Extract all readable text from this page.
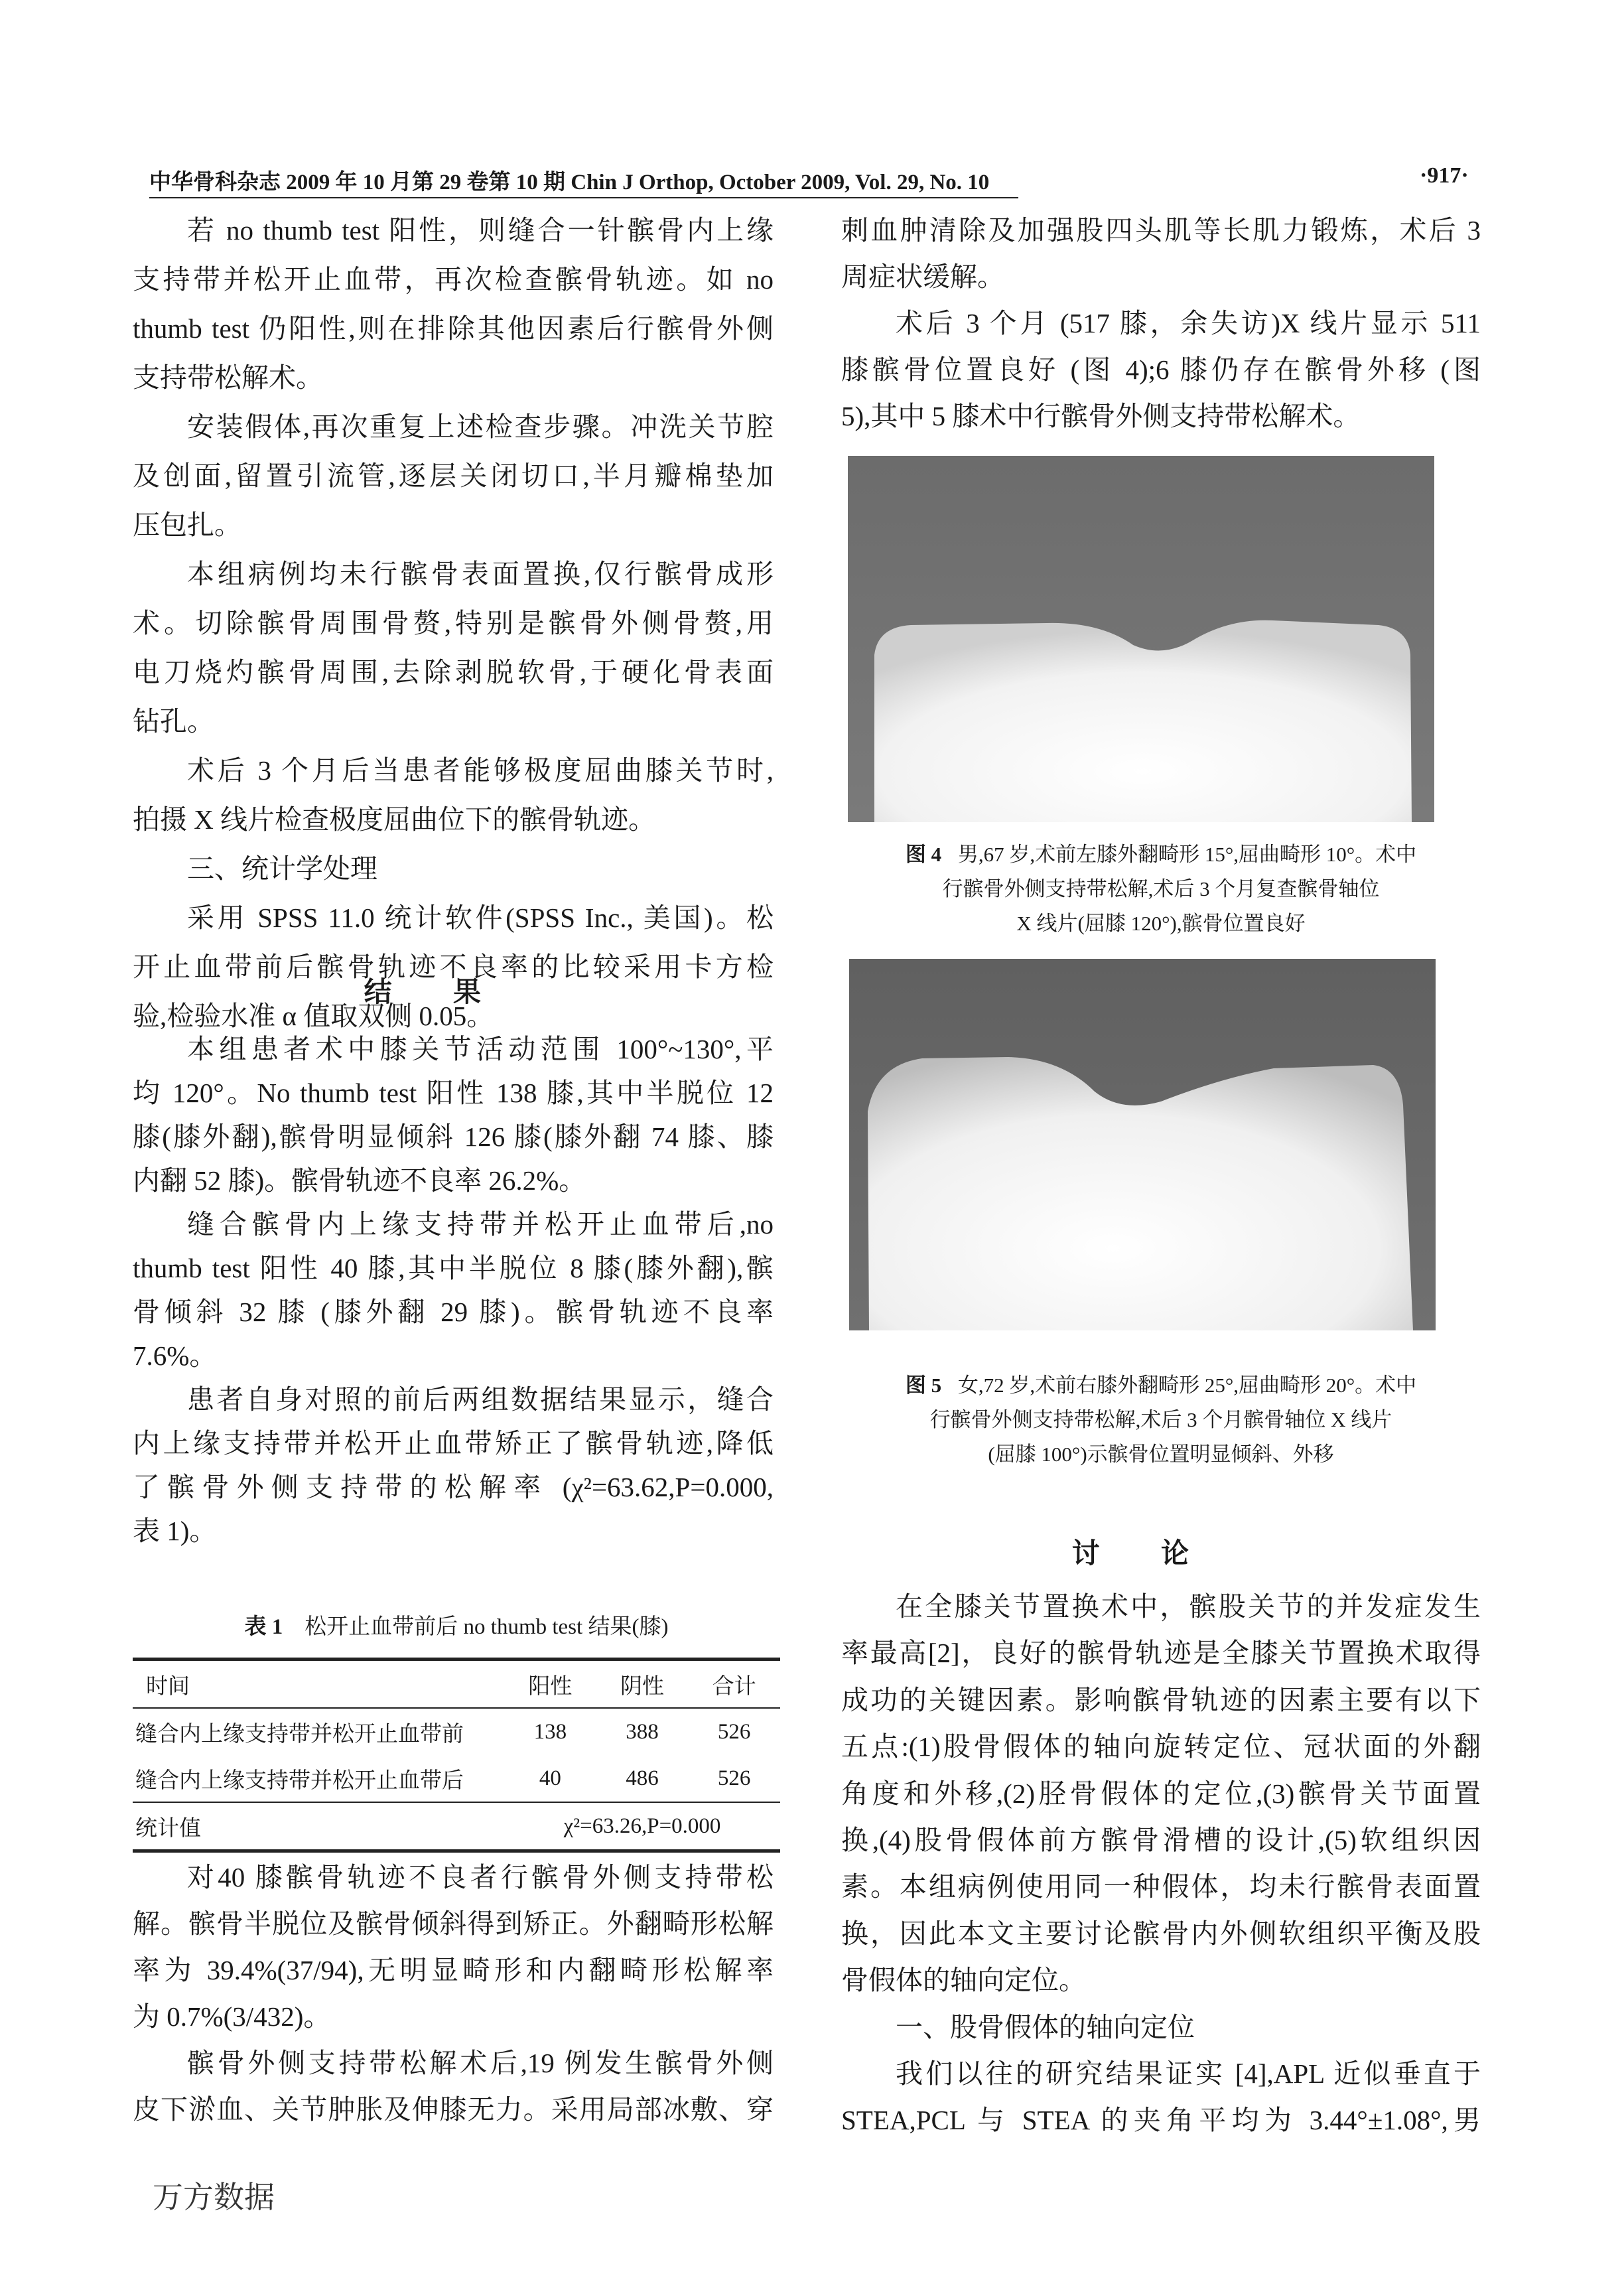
中华骨科杂志 2009 年 10 月第 29 卷第 10 期 Chin J Orthop, October 2009, Vol. 29, No. 10	·917·
若 no thumb test 阳性，则缝合一针髌骨内上缘
支持带并松开止血带，再次检查髌骨轨迹。如 no
thumb test 仍阳性,则在排除其他因素后行髌骨外侧
支持带松解术。
安装假体,再次重复上述检查步骤。冲洗关节腔
及创面,留置引流管,逐层关闭切口,半月瓣棉垫加
压包扎。
本组病例均未行髌骨表面置换,仅行髌骨成形
术。切除髌骨周围骨赘,特别是髌骨外侧骨赘,用
电刀烧灼髌骨周围,去除剥脱软骨,于硬化骨表面
钻孔。
术后 3 个月后当患者能够极度屈曲膝关节时,
拍摄 X 线片检查极度屈曲位下的髌骨轨迹。
三、统计学处理
采用 SPSS 11.0 统计软件(SPSS Inc., 美国)。松
开止血带前后髌骨轨迹不良率的比较采用卡方检
验,检验水准 α 值取双侧 0.05。
结果
本组患者术中膝关节活动范围 100°~130°,平
均 120°。No thumb test 阳性 138 膝,其中半脱位 12
膝(膝外翻),髌骨明显倾斜 126 膝(膝外翻 74 膝、膝
内翻 52 膝)。髌骨轨迹不良率 26.2%。
缝合髌骨内上缘支持带并松开止血带后,no
thumb test 阳性 40 膝,其中半脱位 8 膝(膝外翻),髌
骨倾斜 32 膝 (膝外翻 29 膝)。髌骨轨迹不良率
7.6%。
患者自身对照的前后两组数据结果显示，缝合
内上缘支持带并松开止血带矫正了髌骨轨迹,降低
了髌骨外侧支持带的松解率 (χ²=63.62,P=0.000,
表 1)。
表 1 松开止血带前后 no thumb test 结果(膝)
时间	阳性	阴性	合计
缝合内上缘支持带并松开止血带前	138	388	526
缝合内上缘支持带并松开止血带后	40	486	526
统计值	χ²=63.26,P=0.000		
对40 膝髌骨轨迹不良者行髌骨外侧支持带松
解。髌骨半脱位及髌骨倾斜得到矫正。外翻畸形松解
率为 39.4%(37/94),无明显畸形和内翻畸形松解率
为 0.7%(3/432)。
髌骨外侧支持带松解术后,19 例发生髌骨外侧
皮下淤血、关节肿胀及伸膝无力。采用局部冰敷、穿
刺血肿清除及加强股四头肌等长肌力锻炼，术后 3
周症状缓解。
术后 3 个月 (517 膝，余失访)X 线片显示 511
膝髌骨位置良好 (图 4);6 膝仍存在髌骨外移 (图
5),其中 5 膝术中行髌骨外侧支持带松解术。
图 4 男,67 岁,术前左膝外翻畸形 15°,屈曲畸形 10°。术中
行髌骨外侧支持带松解,术后 3 个月复查髌骨轴位
X 线片(屈膝 120°),髌骨位置良好
图 5 女,72 岁,术前右膝外翻畸形 25°,屈曲畸形 20°。术中
行髌骨外侧支持带松解,术后 3 个月髌骨轴位 X 线片
(屈膝 100°)示髌骨位置明显倾斜、外移
讨论
在全膝关节置换术中，髌股关节的并发症发生
率最高[2]，良好的髌骨轨迹是全膝关节置换术取得
成功的关键因素。影响髌骨轨迹的因素主要有以下
五点:(1)股骨假体的轴向旋转定位、冠状面的外翻
角度和外移,(2)胫骨假体的定位,(3)髌骨关节面置
换,(4)股骨假体前方髌骨滑槽的设计,(5)软组织因
素。本组病例使用同一种假体，均未行髌骨表面置
换，因此本文主要讨论髌骨内外侧软组织平衡及股
骨假体的轴向定位。
一、股骨假体的轴向定位
我们以往的研究结果证实 [4],APL 近似垂直于
STEA,PCL 与 STEA 的夹角平均为 3.44°±1.08°,男
万方数据
